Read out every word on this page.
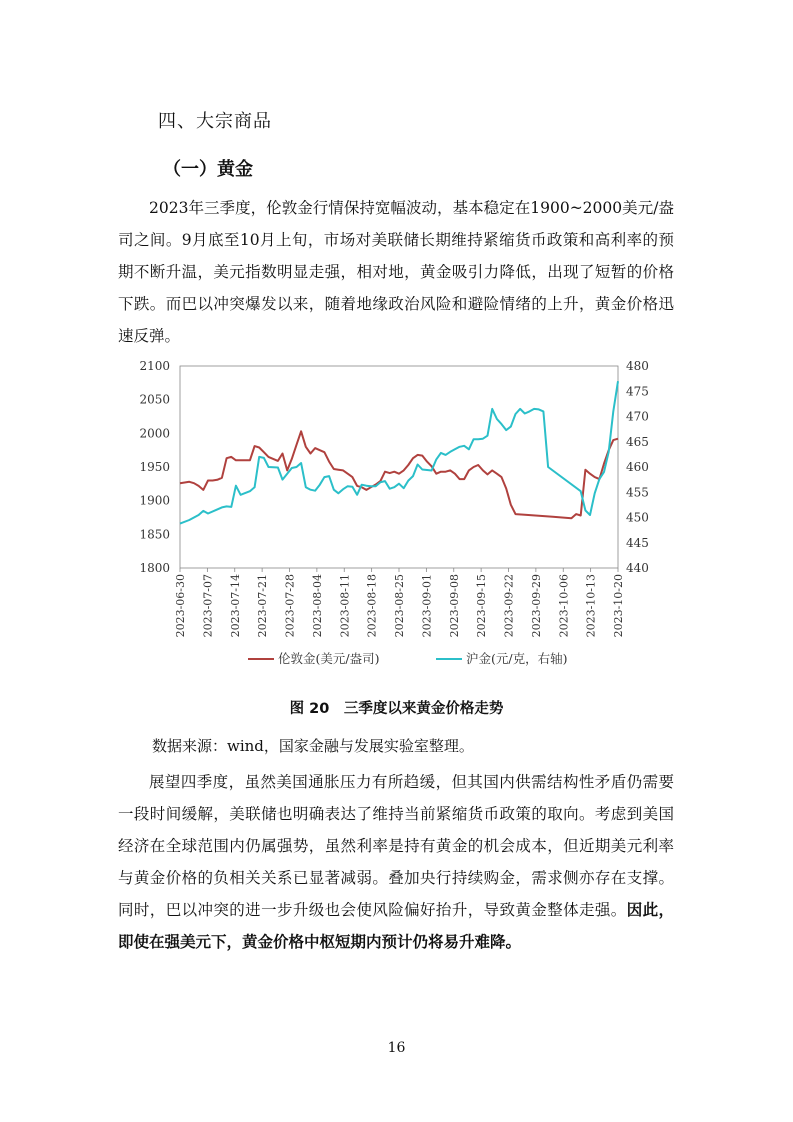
四、大宗商品
（一）黄金

2023年三季度，伦敦金行情保持宽幅波动，基本稳定在1900~2000美元/盎司之间。9月底至10月上旬，市场对美联储长期维持紧缩货币政策和高利率的预期不断升温，美元指数明显走强，相对地，黄金吸引力降低，出现了短暂的价格下跌。而巴以冲突爆发以来，随着地缘政治风险和避险情绪的上升，黄金价格迅速反弹。

1800
1850
1900
1950
2000
2050
2100
440
445
450
455
460
465
470
475
480
2023-06-30 2023-07-07 2023-07-14 2023-07-21 2023-07-28 2023-08-04 2023-08-11 2023-08-18 2023-08-25 2023-09-01 2023-09-08 2023-09-15 2023-09-22 2023-09-29 2023-10-06 2023-10-13 2023-10-20
伦敦金(美元/盎司)	沪金(元/克，右轴)
图 20　三季度以来黄金价格走势
数据来源：wind，国家金融与发展实验室整理。

展望四季度，虽然美国通胀压力有所趋缓，但其国内供需结构性矛盾仍需要一段时间缓解，美联储也明确表达了维持当前紧缩货币政策的取向。考虑到美国经济在全球范围内仍属强势，虽然利率是持有黄金的机会成本，但近期美元利率与黄金价格的负相关关系已显著减弱。叠加央行持续购金，需求侧亦存在支撑。同时，巴以冲突的进一步升级也会使风险偏好抬升，导致黄金整体走强。因此，即使在强美元下，黄金价格中枢短期内预计仍将易升难降。

16
